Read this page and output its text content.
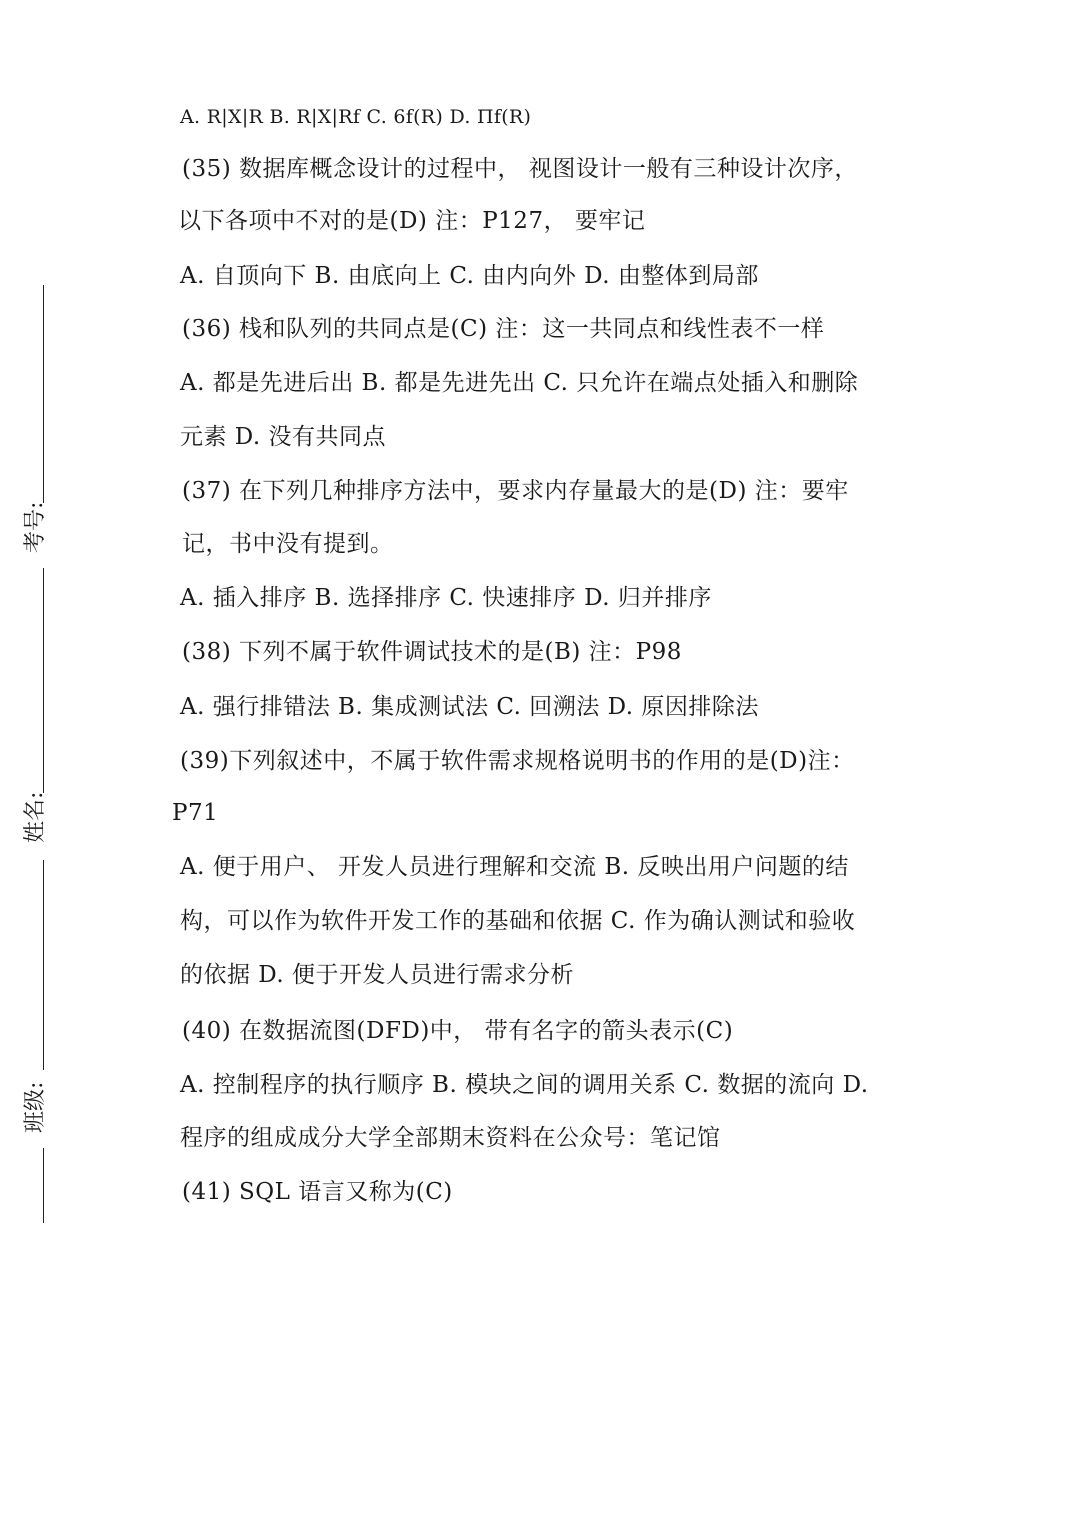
考号:
姓名:
班级:
A. R|X|R B. R|X|Rf C. 6f(R) D. Πf(R)
(35) 数据库概念设计的过程中， 视图设计一般有三种设计次序，
以下各项中不对的是(D) 注：P127， 要牢记
A. 自顶向下 B. 由底向上 C. 由内向外 D. 由整体到局部
(36) 栈和队列的共同点是(C) 注：这一共同点和线性表不一样
A. 都是先进后出 B. 都是先进先出 C. 只允许在端点处插入和删除
元素 D. 没有共同点
(37) 在下列几种排序方法中，要求内存量最大的是(D) 注：要牢
记，书中没有提到。
A. 插入排序 B. 选择排序 C. 快速排序 D. 归并排序
(38) 下列不属于软件调试技术的是(B) 注：P98
A. 强行排错法 B. 集成测试法 C. 回溯法 D. 原因排除法
(39)下列叙述中，不属于软件需求规格说明书的作用的是(D)注：
P71
A. 便于用户、 开发人员进行理解和交流 B. 反映出用户问题的结
构，可以作为软件开发工作的基础和依据 C. 作为确认测试和验收
的依据 D. 便于开发人员进行需求分析
(40) 在数据流图(DFD)中， 带有名字的箭头表示(C)
A. 控制程序的执行顺序 B. 模块之间的调用关系 C. 数据的流向 D.
程序的组成成分大学全部期末资料在公众号：笔记馆
(41) SQL 语言又称为(C)
